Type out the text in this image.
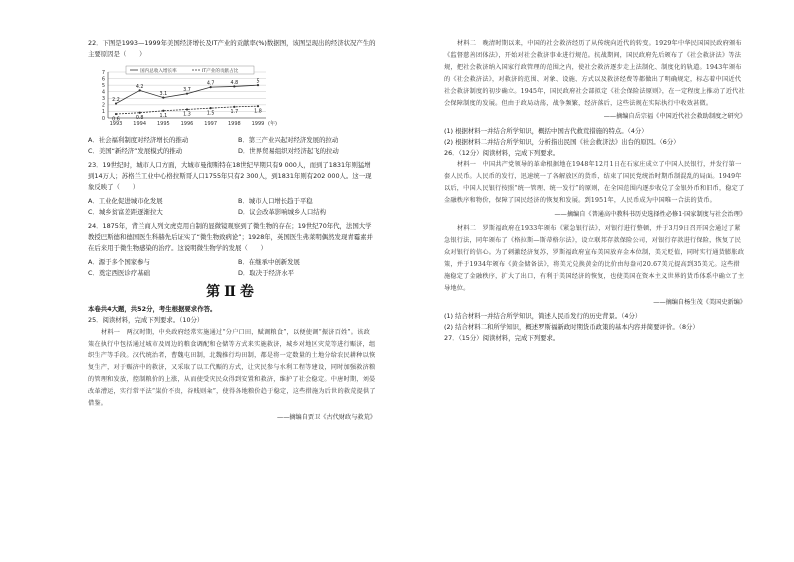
22．下图是1993—1999年美国经济增长及IT产业的贡献率(%)数据图，该图呈现出的经济状况产生的主要原因是（　　）

0
1
2
3
4
5
6
7
1993 1994 1995 1996 1997 1998 1999 (年)
国内总收入增长率
2.2
4.2
3.1
3.7
4.7	4.8	5
IT产业的贡献占比
0.6	0.8	1.1	1.3	1.5	1.7	1.8
A．社会福利制度对经济增长的推动	B．第三产业兴起对经济发展的拉动
C．美国“新经济”发展模式的推动	D．世界贸易组织对经济起飞的拉动

23．19世纪时，城市人口方面，大城市曼彻斯特在18世纪早期只有9 000人，而到了1831年则猛增到14万人；苏格兰工业中心格拉斯哥人口1755年只有2 300人，到1831年则有202 000人。这一现象反映了（　　）

A．工业化促进城市化发展	B．城市人口增长趋于平稳
C．城乡贫富差距逐渐拉大	D．议会改革影响城乡人口结构

24．1875年，背兰商人列文虎克用自制的显微镜观察到了微生物的存在；19世纪70年代，法国大学教授巴斯德和德国医生科赫先后证实了“微生物致病论”；1928年，英国医生弗莱明偶然发现青霉素并在后来用于微生物感染的治疗。这说明微生物学的发展（　　）

A．源于多个国家参与	B．在继承中创新发展
C．奠定西医诊疗基础	D．取决于经济水平
第Ⅱ卷

本卷共4大题，共52分，考生根据要求作答。

25．阅读材料，完成下列要求。（10分）

材料一　两汉时期，中央政府经常实施通过“分户口田，赋调粮食”，以便使调“振济百姓”。该政策在执行中包括通过城市及周边的粮食调配和仓储等方式来实施救济，城乡对地区灾荒等进行赈济，组织生产等手段。汉代统治者，曹魏屯田制，北魏推行均田制，都是将一定数量的土地分给农民耕种以恢复生产，对于赈济中的救济，又采取了以工代赈的方式，让灾民参与水利工程等建设，同时加强救济粮的管理和发放，控制粮价的上涨，从而使受灾民众得到安置和救济，维护了社会稳定。中唐时期，刘晏改革漕运，实行常平法“粜价不贵，谷贱则籴”，使得各地粮价趋于稳定，这些措施为后世的救荒提供了借鉴。

——摘编自贾卫《古代财政与救荒》

材料二　晚清时期以来，中国的社会救济经历了从传统向近代的转变。1929年中华民国国民政府颁布《监督慈善团体法》，开始对社会救济事业进行规范。抗战期间，国民政府先后颁布了《社会救济法》等法规，把社会救济纳入国家行政管理的范围之内，使社会救济逐步走上法制化、制度化的轨道。1943年颁布的《社会救济法》，对救济的范围、对象、设施、方式以及救济经费等都做出了明确规定，标志着中国近代社会救济制度的初步确立。1945年，国民政府社会部拟定《社会保险法原则》，在一定程度上推动了近代社会保障制度的发展。但由于政局动荡，战争频繁，经济落后，这些法规在实际执行中收效甚微。

——摘编自岳宗福《中国近代社会救助制度之研究》

(1) 根据材料一并结合所学知识，概括中国古代救荒措施的特点。（4分）

(2) 根据材料二并结合所学知识，分析指出民国《社会救济法》出台的原因。（6分）

26．（12分）阅读材料，完成下列要求。

材料一　中国共产党领导的革命根据地在1948年12月1日在石家庄成立了中国人民银行，并发行第一套人民币。人民币的发行，迅速统一了各解放区的货币，结束了国民党统治时期币制混乱的局面。1949年以后，中国人民银行按照“统一管理、统一发行”的原则，在全国范围内逐步收兑了金银外币和旧币，稳定了金融秩序和物价，保障了国民经济的恢复和发展。到1951年，人民币成为中国唯一合法的货币。

——摘编自《普通高中教科书历史选择性必修1·国家制度与社会治理》

材料二　罗斯福政府在1933年颁布《紧急银行法》，对银行进行整顿，并于3月9日召开国会通过了紧急银行法，同年颁布了《格拉斯—斯蒂格尔法》，设立联邦存款保险公司，对银行存款进行保险，恢复了民众对银行的信心。为了刺激经济复苏，罗斯福政府宣布美国放弃金本位制，美元贬值，同时实行通货膨胀政策，并于1934年颁布《黄金储备法》，将美元兑换黄金的比价由每盎司20.67美元提高到35美元。这些措施稳定了金融秩序，扩大了出口，有利于美国经济的恢复，也使美国在资本主义世界的货币体系中确立了主导地位。

——摘编自杨生茂《美国史新编》

(1) 结合材料一并结合所学知识，简述人民币发行的历史背景。（4分）

(2) 结合材料二和所学知识，概述罗斯福新政时期货币政策的基本内容并简要评价。（8分）

27．（15分）阅读材料，完成下列要求。
